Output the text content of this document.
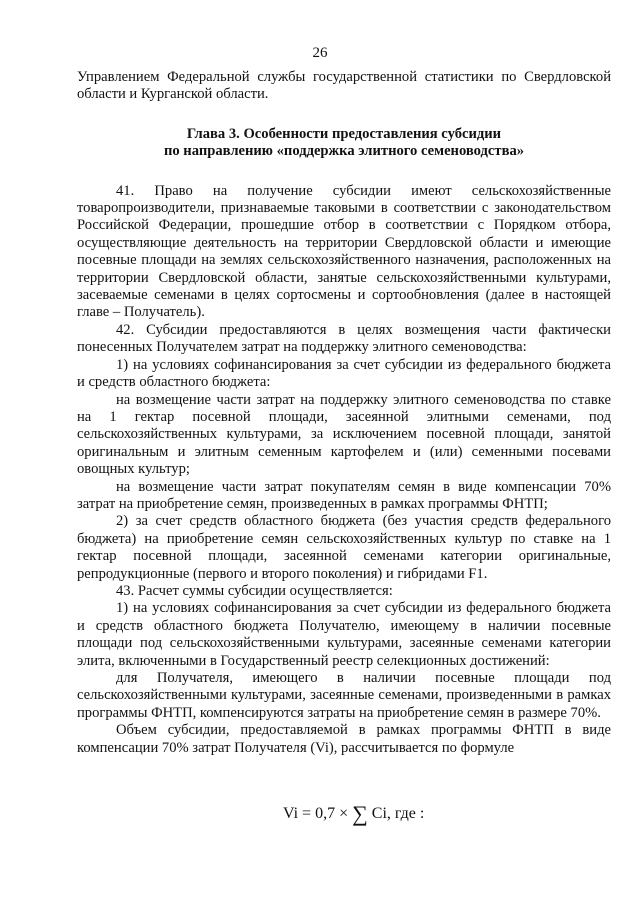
26

Управлением Федеральной службы государственной статистики по Свердловской области и Курганской области.

Глава 3. Особенности предоставления субсидии

по направлению «поддержка элитного семеноводства»

41. Право на получение субсидии имеют сельскохозяйственные товаропроизводители, признаваемые таковыми в соответствии с законодательством Российской Федерации, прошедшие отбор в соответствии с Порядком отбора, осуществляющие деятельность на территории Свердловской области и имеющие посевные площади на землях сельскохозяйственного назначения, расположенных на территории Свердловской области, занятые сельскохозяйственными культурами, засеваемые семенами в целях сортосмены и сортообновления (далее в настоящей главе – Получатель).

42. Субсидии предоставляются в целях возмещения части фактически понесенных Получателем затрат на поддержку элитного семеноводства:

1) на условиях софинансирования за счет субсидии из федерального бюджета и средств областного бюджета:

на возмещение части затрат на поддержку элитного семеноводства по ставке на 1 гектар посевной площади, засеянной элитными семенами, под сельскохозяйственных культурами, за исключением посевной площади, занятой оригинальным и элитным семенным картофелем и (или) семенными посевами овощных культур;

на возмещение части затрат покупателям семян в виде компенсации 70% затрат на приобретение семян, произведенных в рамках программы ФНТП;

2) за счет средств областного бюджета (без участия средств федерального бюджета) на приобретение семян сельскохозяйственных культур по ставке на 1 гектар посевной площади, засеянной семенами категории оригинальные, репродукционные (первого и второго поколения) и гибридами F1.

43. Расчет суммы субсидии осуществляется:

1) на условиях софинансирования за счет субсидии из федерального бюджета и средств областного бюджета Получателю, имеющему в наличии посевные площади под сельскохозяйственными культурами, засеянные семенами категории элита, включенными в Государственный реестр селекционных достижений:

для Получателя, имеющего в наличии посевные площади под сельскохозяйственными культурами, засеянные семенами, произведенными в рамках программы ФНТП, компенсируются затраты на приобретение семян в размере 70%.

Объем субсидии, предоставляемой в рамках программы ФНТП в виде компенсации 70% затрат Получателя (Vi), рассчитывается по формуле

Vi = 0,7 × ∑ Ci, где :
